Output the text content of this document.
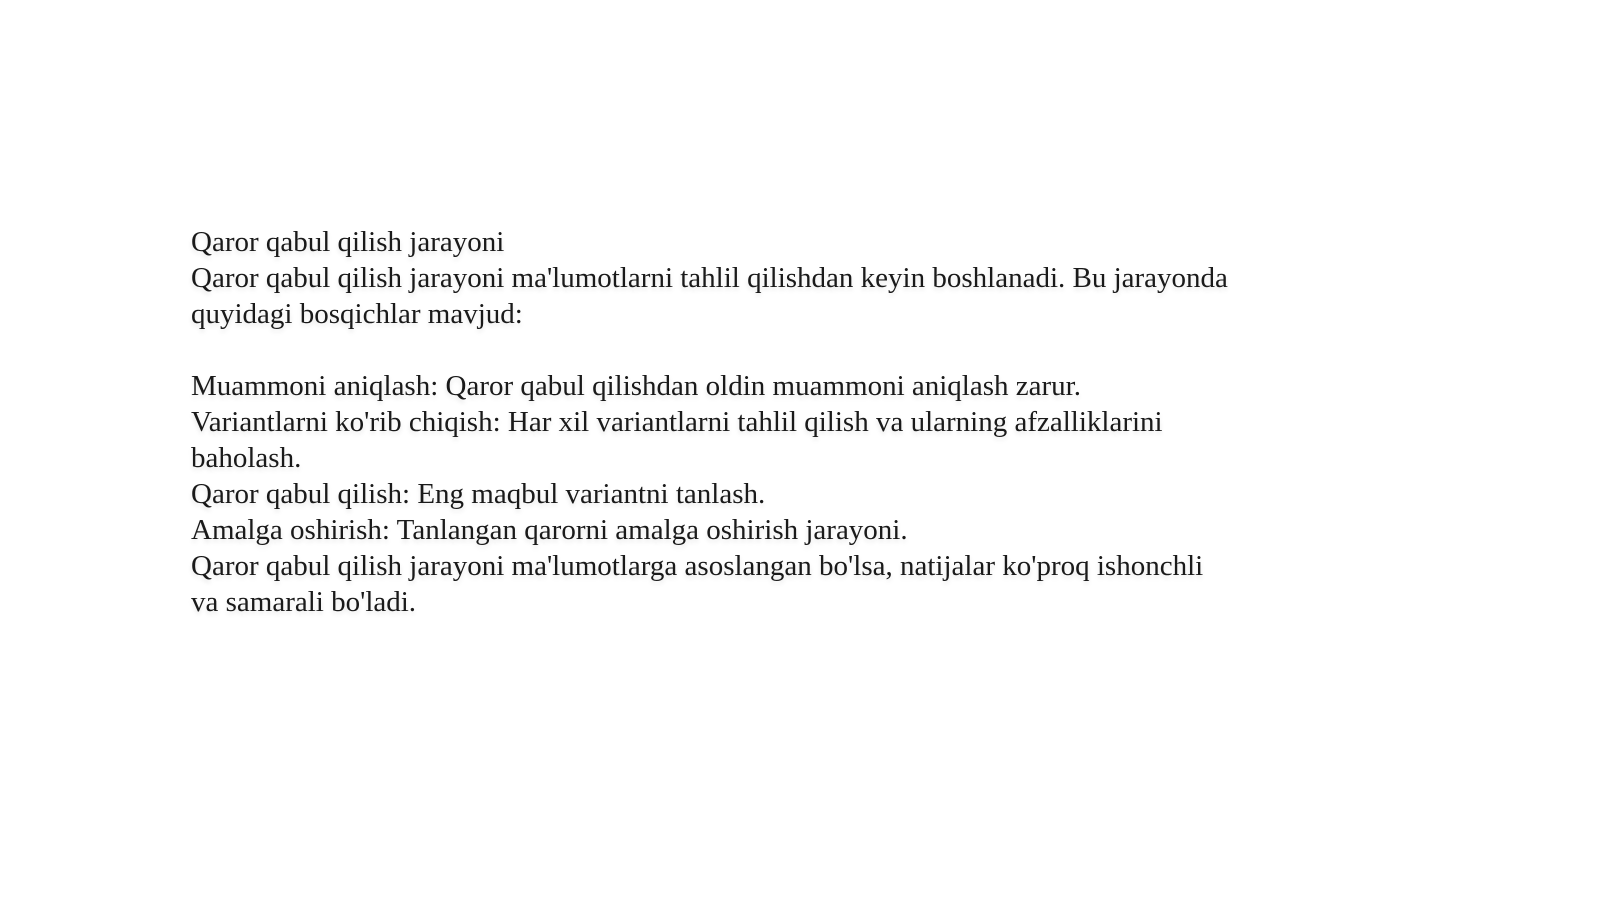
Qaror qabul qilish jarayoni
Qaror qabul qilish jarayoni ma'lumotlarni tahlil qilishdan keyin boshlanadi. Bu jarayonda
quyidagi bosqichlar mavjud:
Muammoni aniqlash: Qaror qabul qilishdan oldin muammoni aniqlash zarur.
Variantlarni ko'rib chiqish: Har xil variantlarni tahlil qilish va ularning afzalliklarini
baholash.
Qaror qabul qilish: Eng maqbul variantni tanlash.
Amalga oshirish: Tanlangan qarorni amalga oshirish jarayoni.
Qaror qabul qilish jarayoni ma'lumotlarga asoslangan bo'lsa, natijalar ko'proq ishonchli
va samarali bo'ladi.
